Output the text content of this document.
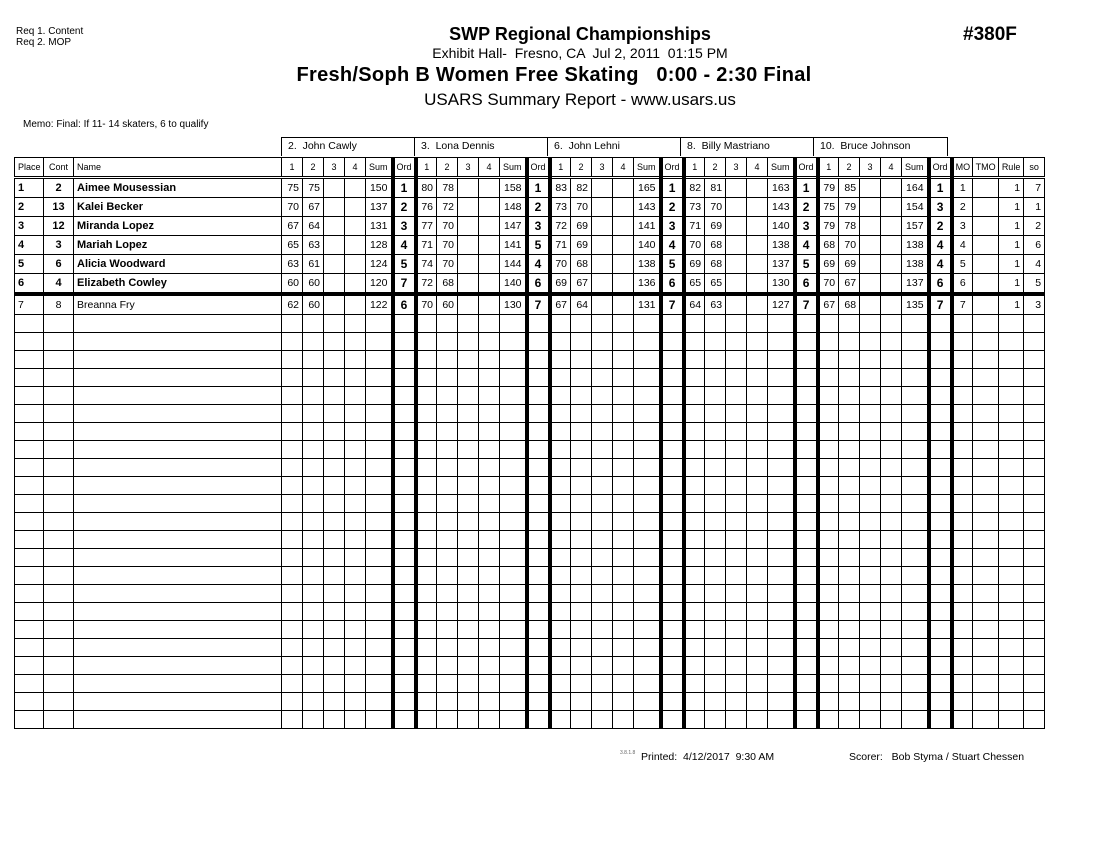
Req 1. Content
Req 2. MOP	SWP Regional Championships
Exhibit Hall-  Fresno, CA  Jul 2, 2011  01:15 PM
Fresh/Soph B Women Free Skating   0:00 - 2:30 Final
USARS Summary Report - www.usars.us
#380F
Memo: Final: If 11- 14 skaters, 6 to qualify
2.  John Cawly	3.  Lona Dennis	6.  John Lehni	8.  Billy Mastriano	10.  Bruce Johnson
Place	Cont	Name	1	2	3	4	Sum	Ord	1	2	3	4	Sum	Ord	1	2	3	4	Sum	Ord	1	2	3	4	Sum	Ord	1	2	3	4	Sum	Ord	MO	TMO	Rule	so
1	2	Aimee Mousessian	75	75			150	1	80	78			158	1	83	82			165	1	82	81			163	1	79	85			164	1	1		1	7
2	13	Kalei Becker	70	67			137	2	76	72			148	2	73	70			143	2	73	70			143	2	75	79			154	3	2		1	1
3	12	Miranda Lopez	67	64			131	3	77	70			147	3	72	69			141	3	71	69			140	3	79	78			157	2	3		1	2
4	3	Mariah Lopez	65	63			128	4	71	70			141	5	71	69			140	4	70	68			138	4	68	70			138	4	4		1	6
5	6	Alicia Woodward	63	61			124	5	74	70			144	4	70	68			138	5	69	68			137	5	69	69			138	4	5		1	4
6	4	Elizabeth Cowley	60	60			120	7	72	68			140	6	69	67			136	6	65	65			130	6	70	67			137	6	6		1	5
7	8	Breanna Fry	62	60			122	6	70	60			130	7	67	64			131	7	64	63			127	7	67	68			135	7	7		1	3

3.8.1.8 Printed:  4/12/2017  9:30 AM	Scorer:   Bob Styma / Stuart Chessen
